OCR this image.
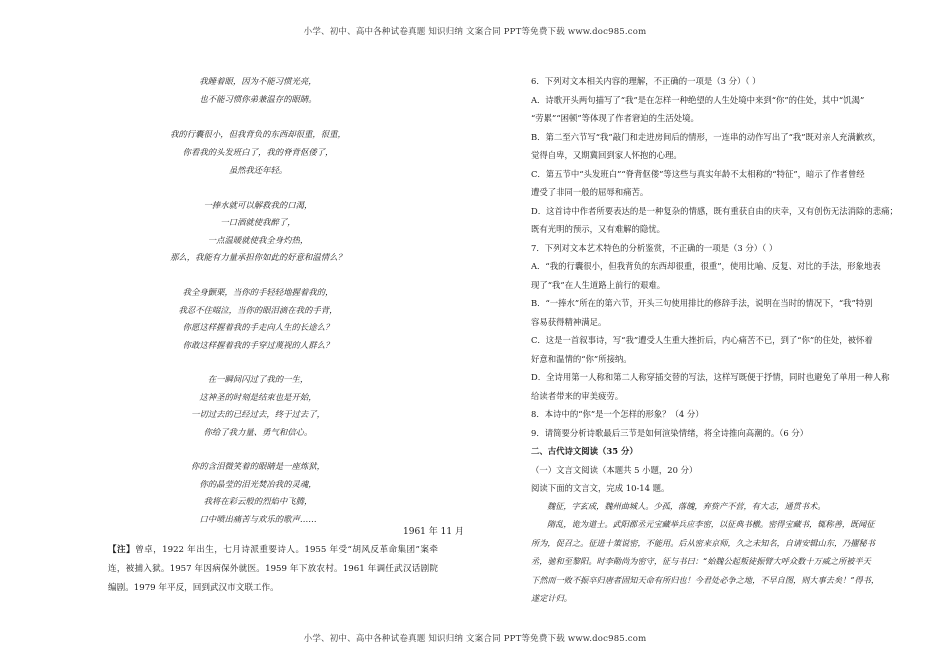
小学、初中、高中各种试卷真题 知识归纳 文案合同 PPT等免费下载 www.doc985.com
我睡着眼，因为不能习惯光亮，
也不能习惯你弟兼温存的眼睛。
我的行囊很小，但我背负的东西却很重，很重，
你看我的头发班白了，我的脊背伛偻了，
虽然我还年轻。
一捧水就可以解救我的口渴，
一口酒就使我醉了，
一点温暖就使我全身灼热，
那么，我能有力量承担你如此的好意和温情么？
我全身颤栗，当你的手轻轻地握着我的，
我忍不住啜泣，当你的眼泪滴在我的手背，
你愿这样握着我的手走向人生的长途么？
你敢这样握着我的手穿过蔑视的人群么？
在一瞬间闪过了我的一生，
这神圣的时刻是结束也是开始，
一切过去的已经过去，终于过去了，
你给了我力量、勇气和信心。
你的含泪微笑着的眼睛是一座炼狱，
你的晶莹的泪光焚冶我的灵魂，
我将在彩云般的烈焰中飞腾，
口中喷出痛苦与欢乐的歌声……
1961 年 11 月
【注】曾卓，1922 年出生，七月诗派重要诗人。1955 年受“胡风反革命集团”案牵连，被捕入狱。1957 年因病保外就医。1959 年下放农村。1961 年调任武汉话剧院编剧。1979 年平反，回到武汉市文联工作。
6．下列对文本相关内容的理解，不正确的一项是（3 分）（ ）
A．诗歌开头两句描写了“我”是在怎样一种绝望的人生处境中来到“你”的住处，其中“饥渴”
“劳累”“困顿”等体现了作者窘迫的生活处境。
B．第二至六节写“我”敲门和走进房间后的情形，一连串的动作写出了“我”既对亲人充满歉疚，
觉得自卑，又期冀回到家人怀抱的心理。
C．第五节中“头发班白”“脊背伛偻”等这些与真实年龄不太相称的“特征”，暗示了作者曾经
遭受了非同一般的屈辱和痛苦。
D．这首诗中作者所要表达的是一种复杂的情感，既有重获自由的庆幸，又有创伤无法消除的悲痛；
既有光明的预示，又有难解的隐忧。
7．下列对文本艺术特色的分析鉴赏，不正确的一项是（3 分）（ ）
A．“我的行囊很小，但我背负的东西却很重，很重”，使用比喻、反复、对比的手法，形象地表
现了“我”在人生道路上前行的艰难。
B．“一捧水”所在的第六节，开头三句使用排比的修辞手法，说明在当时的情况下，“我”特别
容易获得精神满足。
C．这是一首叙事诗，写“我”遭受人生重大挫折后，内心痛苦不已，到了“你”的住处，被怀着
好意和温情的“你”所接纳。
D．全诗用第一人称和第二人称穿插交替的写法，这样写既便于抒情，同时也避免了单用一种人称
给读者带来的审美疲劳。
8．本诗中的“你”是一个怎样的形象？（4 分）
9．请简要分析诗歌最后三节是如何渲染情绪，将全诗推向高潮的。（6 分）
二、古代诗文阅读（35 分）
（一）文言文阅读（本题共 5 小题，20 分）
阅读下面的文言文，完成 10-14 题。
魏征，字玄成，魏州曲城人。少孤，落魄，弃赀产不营，有大志，通贯书术。
隋乱，诡为道士。武阳郡丞元宝藏举兵应李密，以征典书檄。密得宝藏书，辄称善，既闻征
所为，促召之。征进十策说密，不能用。后从密来京师，久之未知名，自请安辑山东，乃擢秘书
丞，驰和至黎阳。时李勣尚为密守，征与书曰：“始魏公起叛徒振臂大呼众数十万威之所被半天
下然而一败不振卒归唐者固知天命有所归也！今君处必争之地，不早自图，则大事去矣！”得书，
遂定计归。
小学、初中、高中各种试卷真题 知识归纳 文案合同 PPT等免费下载 www.doc985.com
